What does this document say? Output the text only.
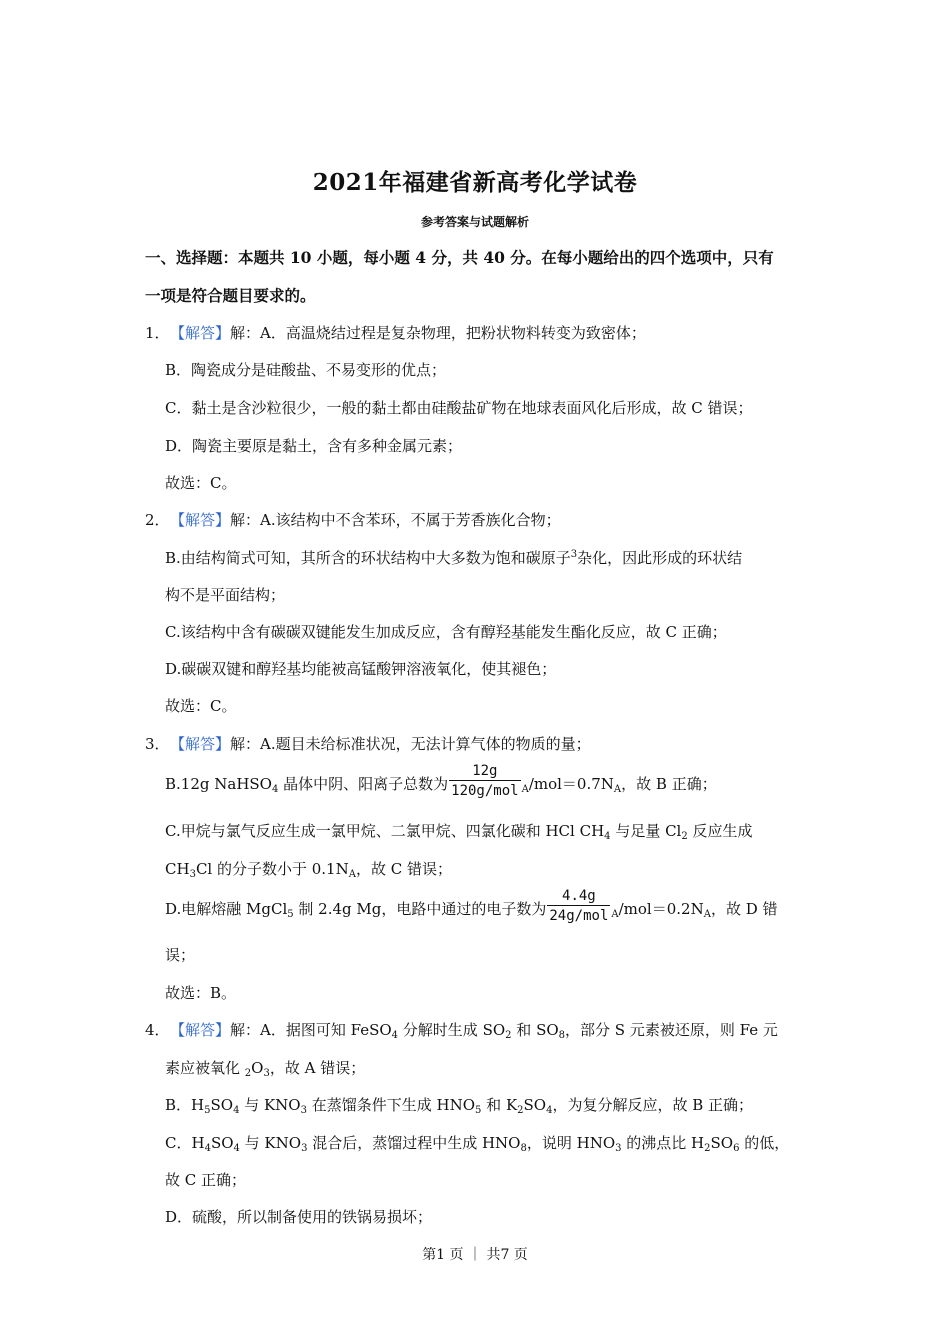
2021年福建省新高考化学试卷
参考答案与试题解析
一、选择题：本题共 10 小题，每小题 4 分，共 40 分。在每小题给出的四个选项中，只有
一项是符合题目要求的。
1． 【解答】解：A．高温烧结过程是复杂物理，把粉状物料转变为致密体；
B．陶瓷成分是硅酸盐、不易变形的优点；
C．黏土是含沙粒很少，一般的黏土都由硅酸盐矿物在地球表面风化后形成，故 C 错误；
D．陶瓷主要原是黏土，含有多种金属元素；
故选：C。
2． 【解答】解：A.该结构中不含苯环，不属于芳香族化合物；
B.由结构简式可知，其所含的环状结构中大多数为饱和碳原子$^3$杂化，因此形成的环状结
构不是平面结构；
C.该结构中含有碳碳双键能发生加成反应，含有醇羟基能发生酯化反应，故 C 正确；
D.碳碳双键和醇羟基均能被高锰酸钾溶液氧化，使其褪色；
故选：C。
3． 【解答】解：A.题目未给标准状况，无法计算气体的物质的量；
B.12g NaHSO$_4$ 晶体中阴、阳离子总数为 $\frac{12g}{\text{120g/mol}} _A/mol=0.7N_A$，故 B 正确；
C.甲烷与氯气反应生成一氯甲烷、二氯甲烷、四氯化碳和 HCl $CH_4$ 与足量 $Cl_2$ 反应生成
$CH_3Cl$ 的分子数小于 $0.1N_A$，故 C 错误；
D.电解熔融 MgCl$_5$ 制 2.4g Mg，电路中通过的电子数为 $\frac{4.4g}{\text{24g/mol}} _A/mol=0.2N_A$，故 D 错
误；
故选：B。
4． 【解答】解：A．据图可知 FeSO$_4$ 分解时生成 $SO_2$ 和 $SO_8$，部分 S 元素被还原，则 Fe 元
素应被氧化 $_2O_3$，故 A 错误；
B．$H_5SO_4$ 与 $KNO_3$ 在蒸馏条件下生成 $HNO_5$ 和 $K_2SO_4$，为复分解反应，故 B 正确；
C．$H_4SO_4$ 与 $KNO_3$ 混合后，蒸馏过程中生成 $HNO_8$，说明 $HNO_3$ 的沸点比 $H_2SO_6$ 的低，
故 C 正确；
D．硫酸，所以制备使用的铁锅易损坏；
第1 页 ｜ 共7 页
